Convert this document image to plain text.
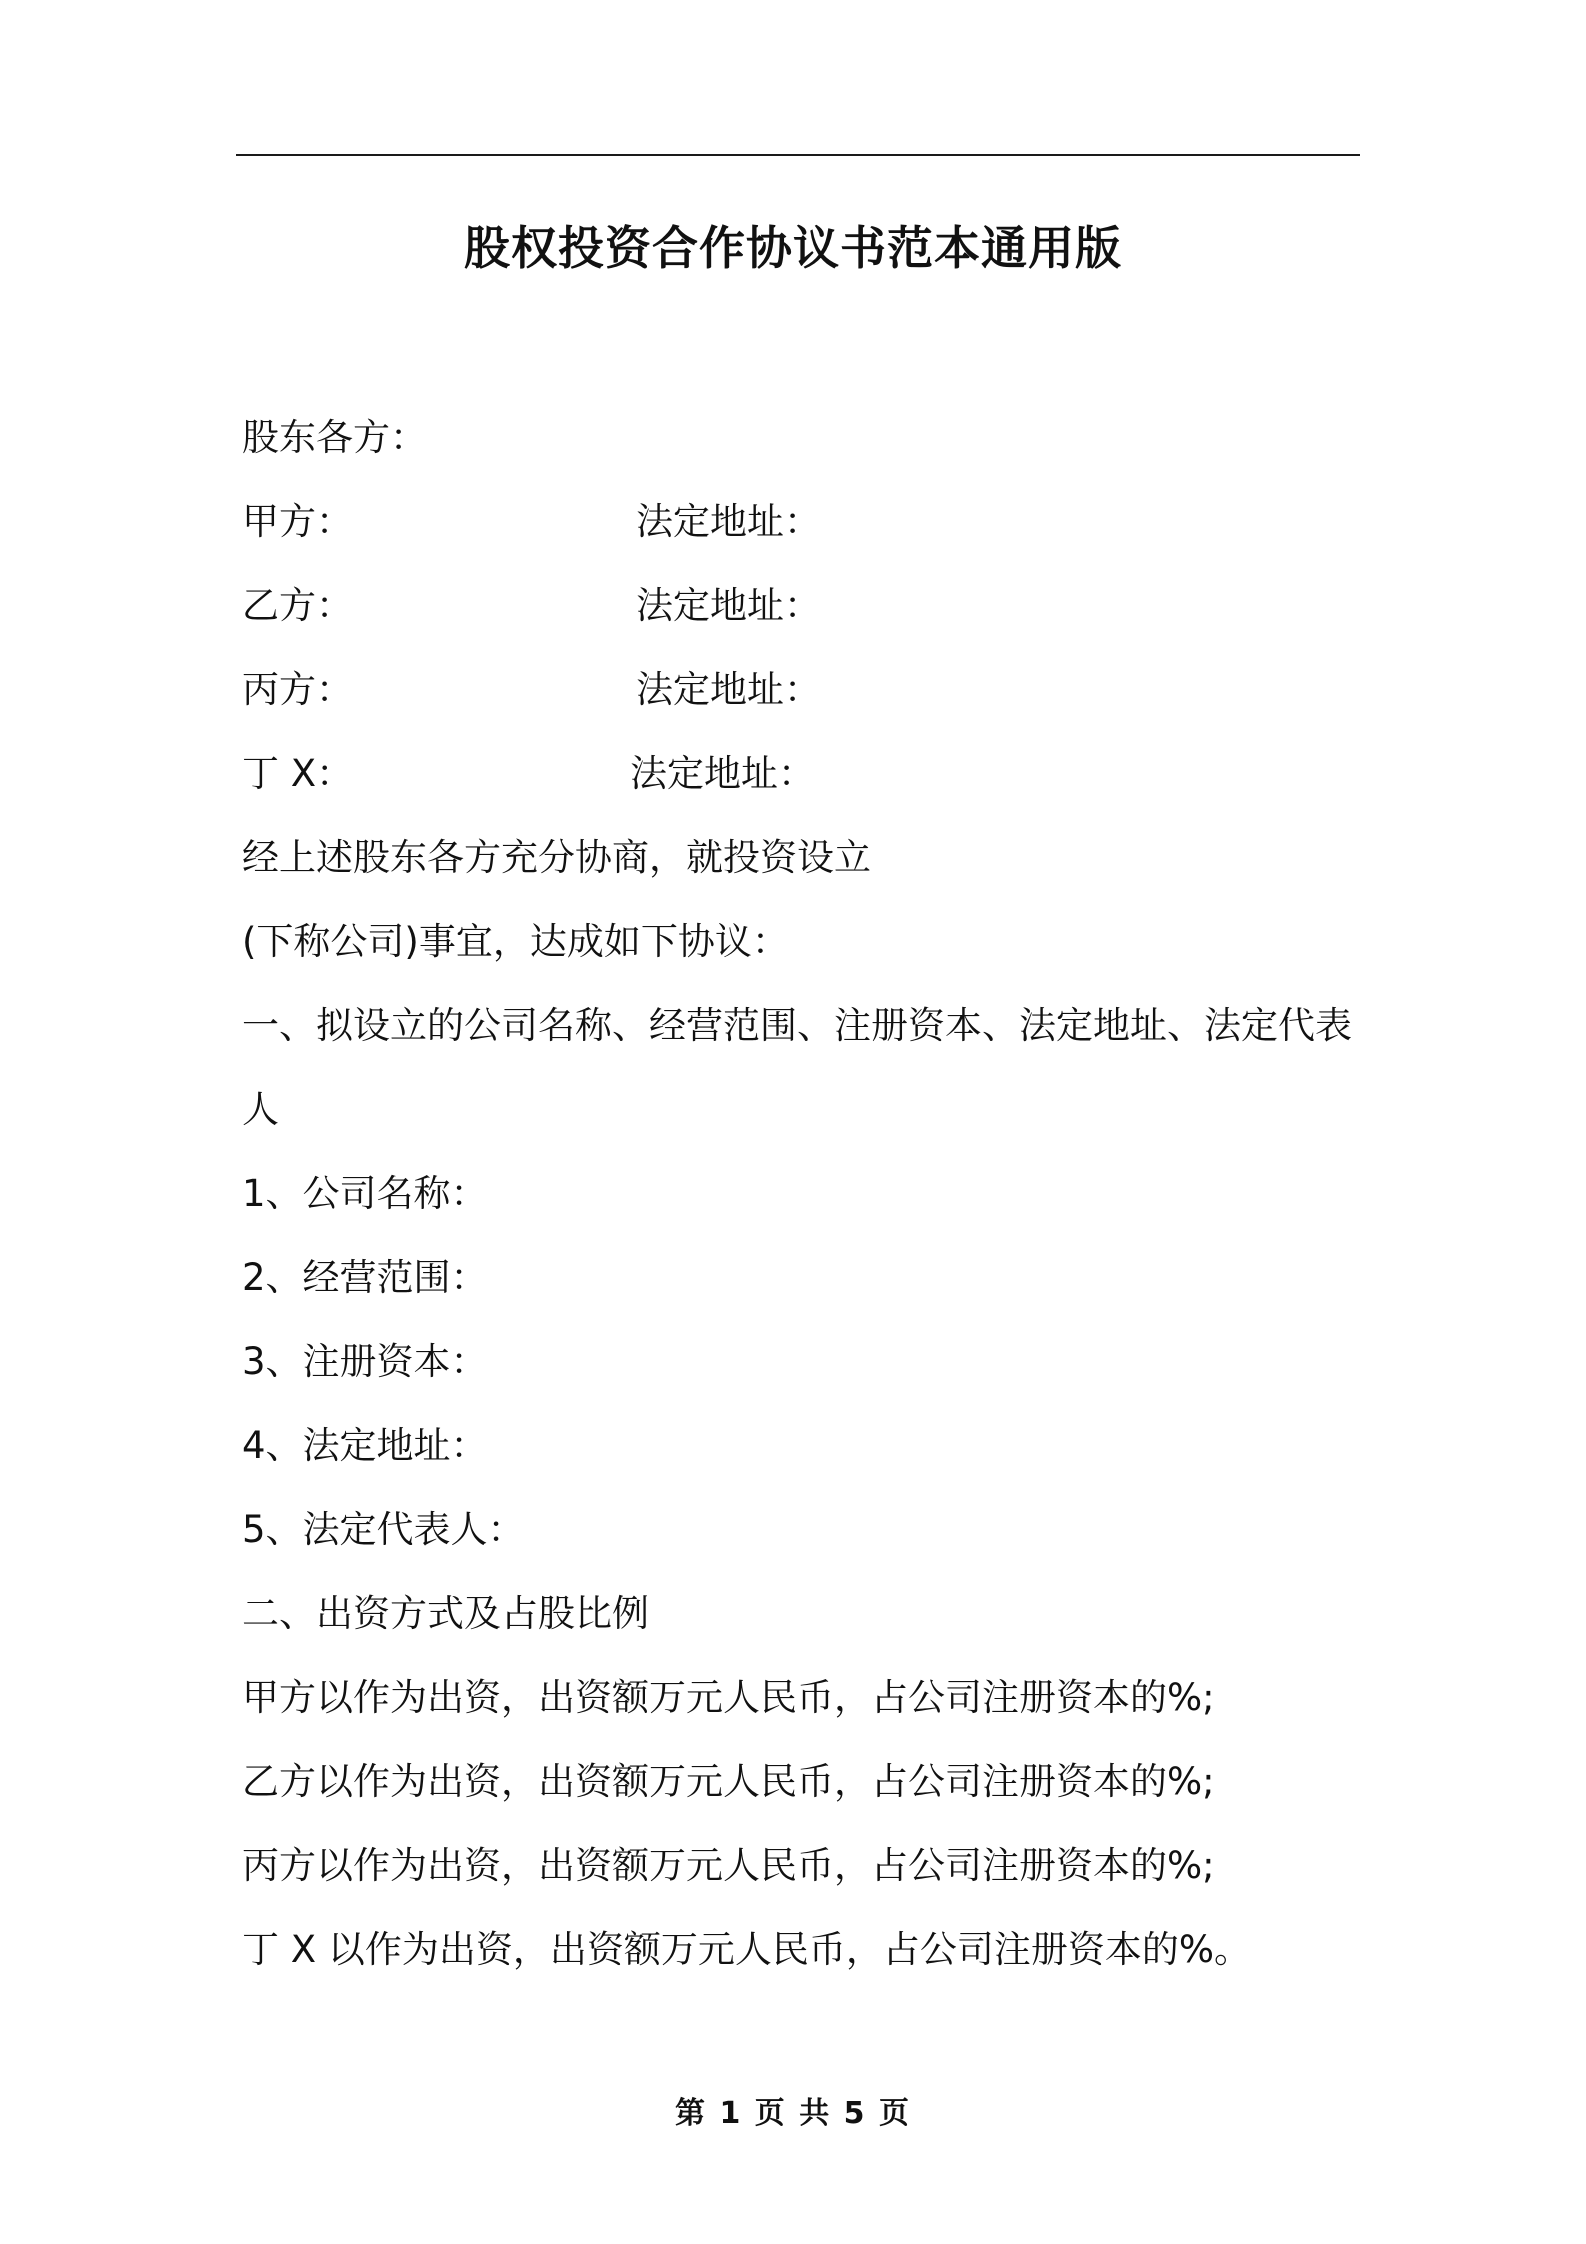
股权投资合作协议书范本通用版
股东各方：
甲方：	法定地址：
乙方：	法定地址：
丙方：	法定地址：
丁 X：	法定地址：
经上述股东各方充分协商，就投资设立
(下称公司)事宜，达成如下协议：
一、拟设立的公司名称、经营范围、注册资本、法定地址、法定代表
人
1、公司名称：
2、经营范围：
3、注册资本：
4、法定地址：
5、法定代表人：
二、出资方式及占股比例
甲方以作为出资，出资额万元人民币，占公司注册资本的%;
乙方以作为出资，出资额万元人民币，占公司注册资本的%;
丙方以作为出资，出资额万元人民币，占公司注册资本的%;
丁 X 以作为出资，出资额万元人民币，占公司注册资本的%。
第 1 页 共 5 页
